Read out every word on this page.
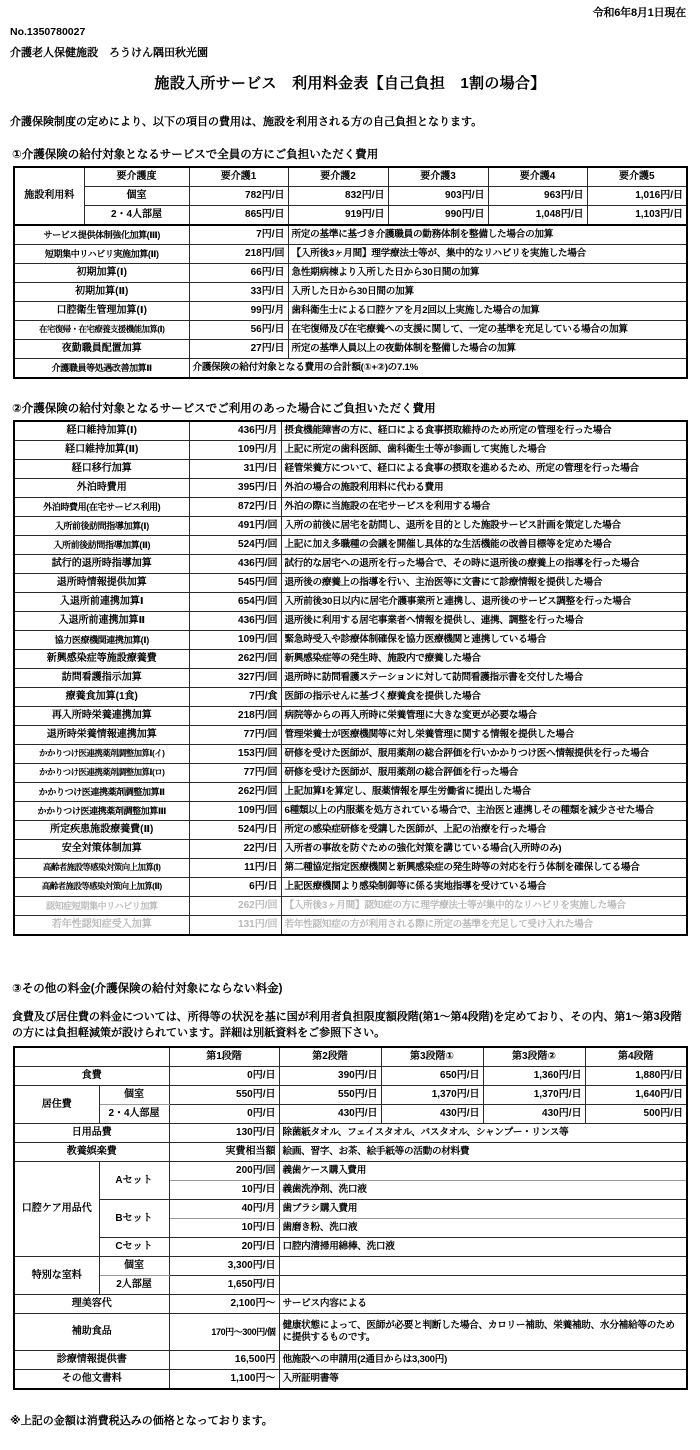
令和6年8月1日現在
No.1350780027
介護老人保健施設　ろうけん隅田秋光園
施設入所サービス　利用料金表【自己負担　1割の場合】
介護保険制度の定めにより、以下の項目の費用は、施設を利用される方の自己負担となります。
①介護保険の給付対象となるサービスで全員の方にご負担いただく費用
施設利用料	要介護度	要介護1	要介護2	要介護3	要介護4	要介護5
	個室	782円/日	832円/日	903円/日	963円/日	1,016円/日
	2・4人部屋	865円/日	919円/日	990円/日	1,048円/日	1,103円/日
サービス提供体制強化加算(Ⅲ)		7円/日	所定の基準に基づき介護職員の勤務体制を整備した場合の加算			
短期集中リハビリ実施加算(Ⅱ)		218円/回	【入所後3ヶ月間】理学療法士等が、集中的なリハビリを実施した場合			
初期加算(Ⅰ)		66円/日	急性期病棟より入所した日から30日間の加算			
初期加算(Ⅱ)		33円/日	入所した日から30日間の加算			
口腔衛生管理加算(Ⅰ)		99円/月	歯科衛生士による口腔ケアを月2回以上実施した場合の加算			
在宅復帰・在宅療養支援機能加算(Ⅰ)		56円/日	在宅復帰及び在宅療養への支援に関して、一定の基準を充足している場合の加算			
夜勤職員配置加算		27円/日	所定の基準人員以上の夜勤体制を整備した場合の加算			
介護職員等処遇改善加算Ⅱ		介護保険の給付対象となる費用の合計額(①+②)の7.1%				
②介護保険の給付対象となるサービスでご利用のあった場合にご負担いただく費用
経口維持加算(Ⅰ)	436円/月	摂食機能障害の方に、経口による食事摂取維持のため所定の管理を行った場合
経口維持加算(Ⅱ)	109円/月	上記に所定の歯科医師、歯科衛生士等が参画して実施した場合
経口移行加算	31円/日	経管栄養方について、経口による食事の摂取を進めるため、所定の管理を行った場合
外泊時費用	395円/日	外泊の場合の施設利用料に代わる費用
外泊時費用(在宅サービス利用)	872円/日	外泊の際に当施設の在宅サービスを利用する場合
入所前後訪問指導加算(Ⅰ)	491円/回	入所の前後に居宅を訪問し、退所を目的とした施設サービス計画を策定した場合
入所前後訪問指導加算(Ⅱ)	524円/回	上記に加え多職種の会議を開催し具体的な生活機能の改善目標等を定めた場合
試行的退所時指導加算	436円/回	試行的な居宅への退所を行った場合で、その時に退所後の療養上の指導を行った場合
退所時情報提供加算	545円/回	退所後の療養上の指導を行い、主治医等に文書にて診療情報を提供した場合
入退所前連携加算Ⅰ	654円/回	入所前後30日以内に居宅介護事業所と連携し、退所後のサービス調整を行った場合
入退所前連携加算Ⅱ	436円/回	退所後に利用する居宅事業者へ情報を提供し、連携、調整を行った場合
協力医療機関連携加算(Ⅰ)	109円/回	緊急時受入や診療体制確保を協力医療機関と連携している場合
新興感染症等施設療養費	262円/回	新興感染症等の発生時、施設内で療養した場合
訪問看護指示加算	327円/回	退所時に訪問看護ステーションに対して訪問看護指示書を交付した場合
療養食加算(1食)	7円/食	医師の指示せんに基づく療養食を提供した場合
再入所時栄養連携加算	218円/回	病院等からの再入所時に栄養管理に大きな変更が必要な場合
退所時栄養情報連携加算	77円/回	管理栄養士が医療機関等に対し栄養管理に関する情報を提供した場合
かかりつけ医連携薬剤調整加算Ⅰ(イ)	153円/回	研修を受けた医師が、服用薬剤の総合評価を行いかかりつけ医へ情報提供を行った場合
かかりつけ医連携薬剤調整加算Ⅰ(ロ)	77円/回	研修を受けた医師が、服用薬剤の総合評価を行った場合
かかりつけ医連携薬剤調整加算Ⅱ	262円/回	上記加算Ⅰを算定し、服薬情報を厚生労働省に提出した場合
かかりつけ医連携薬剤調整加算Ⅲ	109円/回	6種類以上の内服薬を処方されている場合で、主治医と連携しその種類を減少させた場合
所定疾患施設療養費(Ⅱ)	524円/日	所定の感染症研修を受講した医師が、上記の治療を行った場合
安全対策体制加算	22円/日	入所者の事故を防ぐための強化対策を講じている場合(入所時のみ)
高齢者施設等感染対策向上加算(Ⅰ)	11円/日	第二種協定指定医療機関と新興感染症の発生時等の対応を行う体制を確保してる場合
高齢者施設等感染対策向上加算(Ⅱ)	6円/日	上記医療機関より感染制御等に係る実地指導を受けている場合
認知症短期集中リハビリ加算	262円/回	【入所後3ヶ月間】認知症の方に理学療法士等が集中的なリハビリを実施した場合
若年性認知症受入加算	131円/回	若年性認知症の方が利用される際に所定の基準を充足して受け入れた場合
③その他の料金(介護保険の給付対象にならない料金)
食費及び居住費の料金については、所得等の状況を基に国が利用者負担限度額段階(第1～第4段階)を定めており、その内、第1～第3段階の方には負担軽減策が設けられています。詳細は別紙資料をご参照下さい。
		第1段階	第2段階	第3段階①	第3段階②	第4段階
食費		0円/日	390円/日	650円/日	1,360円/日	1,880円/日
居住費	個室	550円/日	550円/日	1,370円/日	1,370円/日	1,640円/日
	2・4人部屋	0円/日	430円/日	430円/日	430円/日	500円/日
日用品費		130円/日	除菌紙タオル、フェイスタオル、バスタオル、シャンプー・リンス等			
教養娯楽費		実費相当額	絵画、習字、お茶、絵手紙等の活動の材料費			
口腔ケア用品代	Aセット	200円/回	義歯ケース購入費用			
		10円/日	義歯洗浄剤、洗口液			
	Bセット	40円/月	歯ブラシ購入費用			
		10円/日	歯磨き粉、洗口液			
	Cセット	20円/日	口腔内清掃用綿棒、洗口液			
特別な室料	個室	3,300円/日				
	2人部屋	1,650円/日				
理美容代		2,100円～	サービス内容による			
補助食品		170円～300円/個	健康状態によって、医師が必要と判断した場合、カロリー補助、栄養補助、水分補給等のために提供するものです。			
診療情報提供書		16,500円	他施設への申請用(2通目からは3,300円)			
その他文書料		1,100円～	入所証明書等			
※上記の金額は消費税込みの価格となっております。
